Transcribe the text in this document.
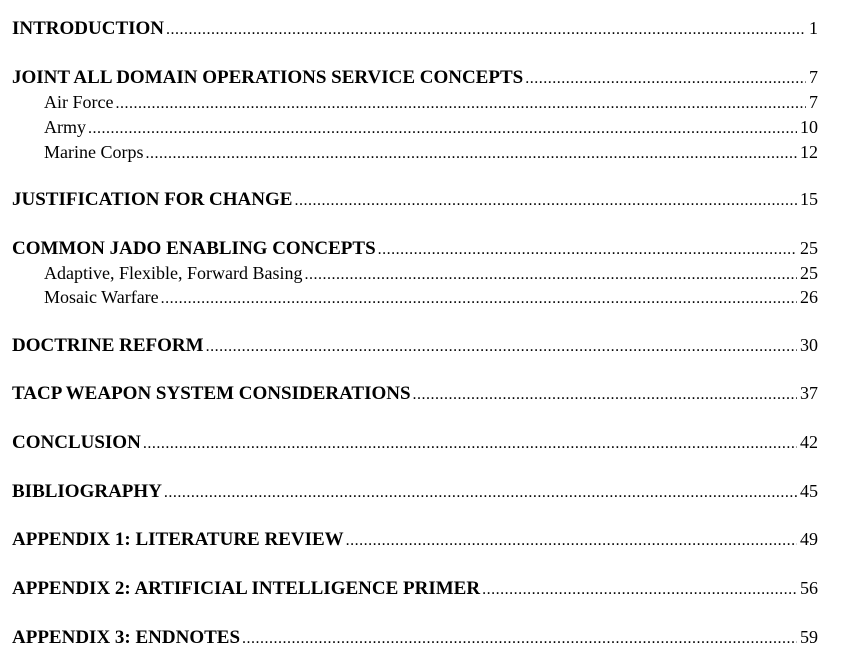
INTRODUCTION .....	1
JOINT ALL DOMAIN OPERATIONS SERVICE CONCEPTS .....	7
Air Force .....	7
Army .....	10
Marine Corps .....	12
JUSTIFICATION FOR CHANGE .....	15
COMMON JADO ENABLING CONCEPTS .....	25
Adaptive, Flexible, Forward Basing .....	25
Mosaic Warfare .....	26
DOCTRINE REFORM .....	30
TACP WEAPON SYSTEM CONSIDERATIONS .....	37
CONCLUSION .....	42
BIBLIOGRAPHY .....	45
APPENDIX 1: LITERATURE REVIEW .....	49
APPENDIX 2: ARTIFICIAL INTELLIGENCE PRIMER .....	56
APPENDIX 3: ENDNOTES .....	59
